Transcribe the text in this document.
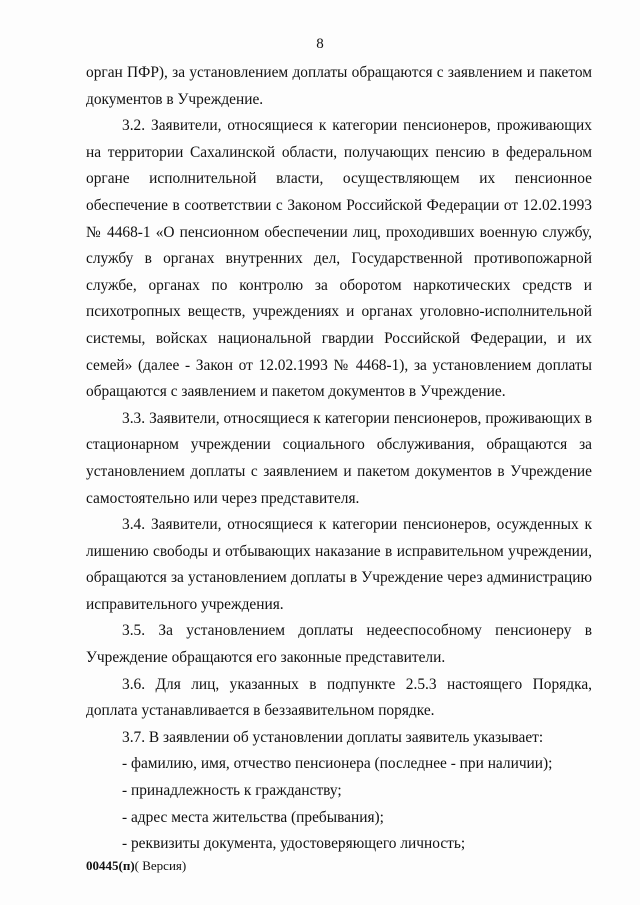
8

орган ПФР), за установлением доплаты обращаются с заявлением и пакетом документов в Учреждение.

3.2. Заявители, относящиеся к категории пенсионеров, проживающих на территории Сахалинской области, получающих пенсию в федеральном органе исполнительной власти, осуществляющем их пенсионное обеспечение в соответствии с Законом Российской Федерации от 12.02.1993 № 4468-1 «О пенсионном обеспечении лиц, проходивших военную службу, службу в органах внутренних дел, Государственной противопожарной службе, органах по контролю за оборотом наркотических средств и психотропных веществ, учреждениях и органах уголовно-исполнительной системы, войсках национальной гвардии Российской Федерации, и их семей» (далее - Закон от 12.02.1993 № 4468-1), за установлением доплаты обращаются с заявлением и пакетом документов в Учреждение.

3.3. Заявители, относящиеся к категории пенсионеров, проживающих в стационарном учреждении социального обслуживания, обращаются за установлением доплаты с заявлением и пакетом документов в Учреждение самостоятельно или через представителя.

3.4. Заявители, относящиеся к категории пенсионеров, осужденных к лишению свободы и отбывающих наказание в исправительном учреждении, обращаются за установлением доплаты в Учреждение через администрацию исправительного учреждения.

3.5. За установлением доплаты недееспособному пенсионеру в Учреждение обращаются его законные представители.

3.6. Для лиц, указанных в подпункте 2.5.3 настоящего Порядка, доплата устанавливается в беззаявительном порядке.

3.7. В заявлении об установлении доплаты заявитель указывает:

- фамилию, имя, отчество пенсионера (последнее - при наличии);

- принадлежность к гражданству;

- адрес места жительства (пребывания);

- реквизиты документа, удостоверяющего личность;

00445(п)( Версия)
